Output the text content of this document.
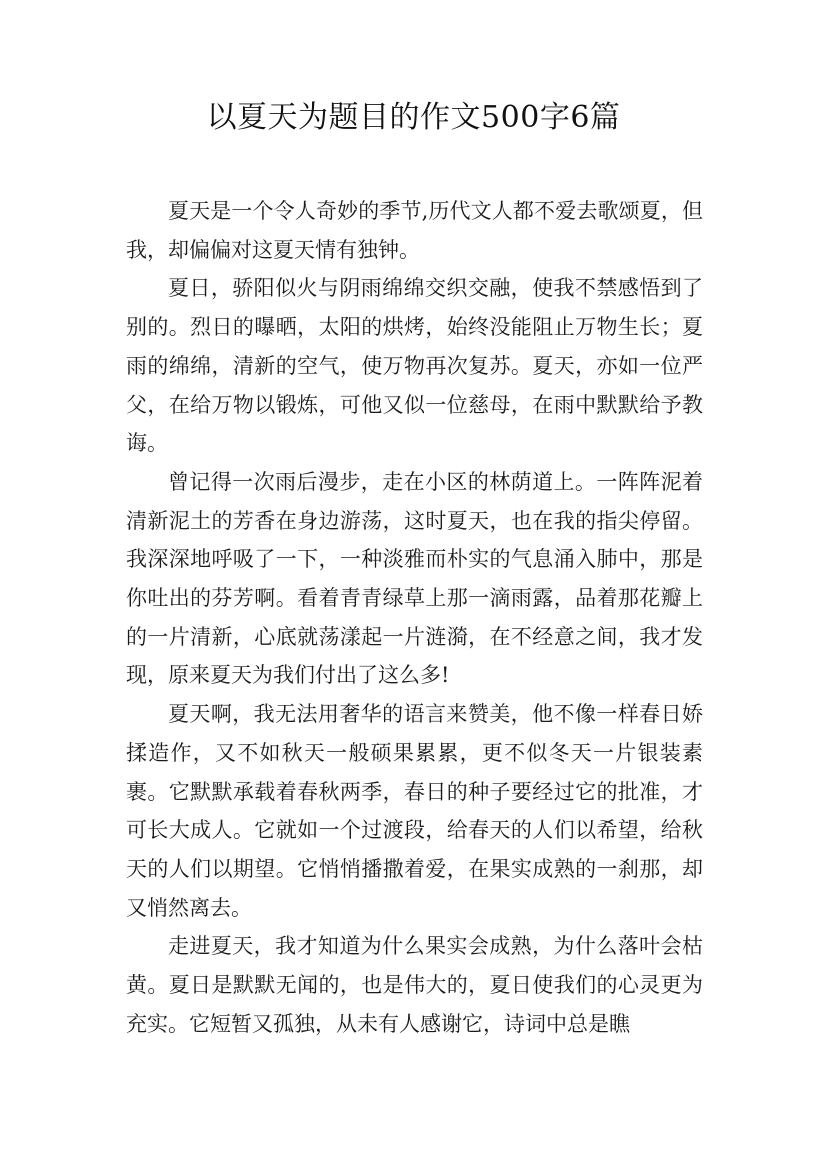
以夏天为题目的作文500字6篇

夏天是一个令人奇妙的季节,历代文人都不爱去歌颂夏，但我，却偏偏对这夏天情有独钟。

夏日，骄阳似火与阴雨绵绵交织交融，使我不禁感悟到了别的。烈日的曝晒，太阳的烘烤，始终没能阻止万物生长；夏雨的绵绵，清新的空气，使万物再次复苏。夏天，亦如一位严父，在给万物以锻炼，可他又似一位慈母，在雨中默默给予教诲。

曾记得一次雨后漫步，走在小区的林荫道上。一阵阵泥着清新泥土的芳香在身边游荡，这时夏天，也在我的指尖停留。我深深地呼吸了一下，一种淡雅而朴实的气息涌入肺中，那是你吐出的芬芳啊。看着青青绿草上那一滴雨露，品着那花瓣上的一片清新，心底就荡漾起一片涟漪，在不经意之间，我才发现，原来夏天为我们付出了这么多!

夏天啊，我无法用奢华的语言来赞美，他不像一样春日娇揉造作，又不如秋天一般硕果累累，更不似冬天一片银装素裹。它默默承载着春秋两季，春日的种子要经过它的批准，才可长大成人。它就如一个过渡段，给春天的人们以希望，给秋天的人们以期望。它悄悄播撒着爱，在果实成熟的一刹那，却又悄然离去。

走进夏天，我才知道为什么果实会成熟，为什么落叶会枯黄。夏日是默默无闻的，也是伟大的，夏日使我们的心灵更为充实。它短暂又孤独，从未有人感谢它，诗词中总是瞧
